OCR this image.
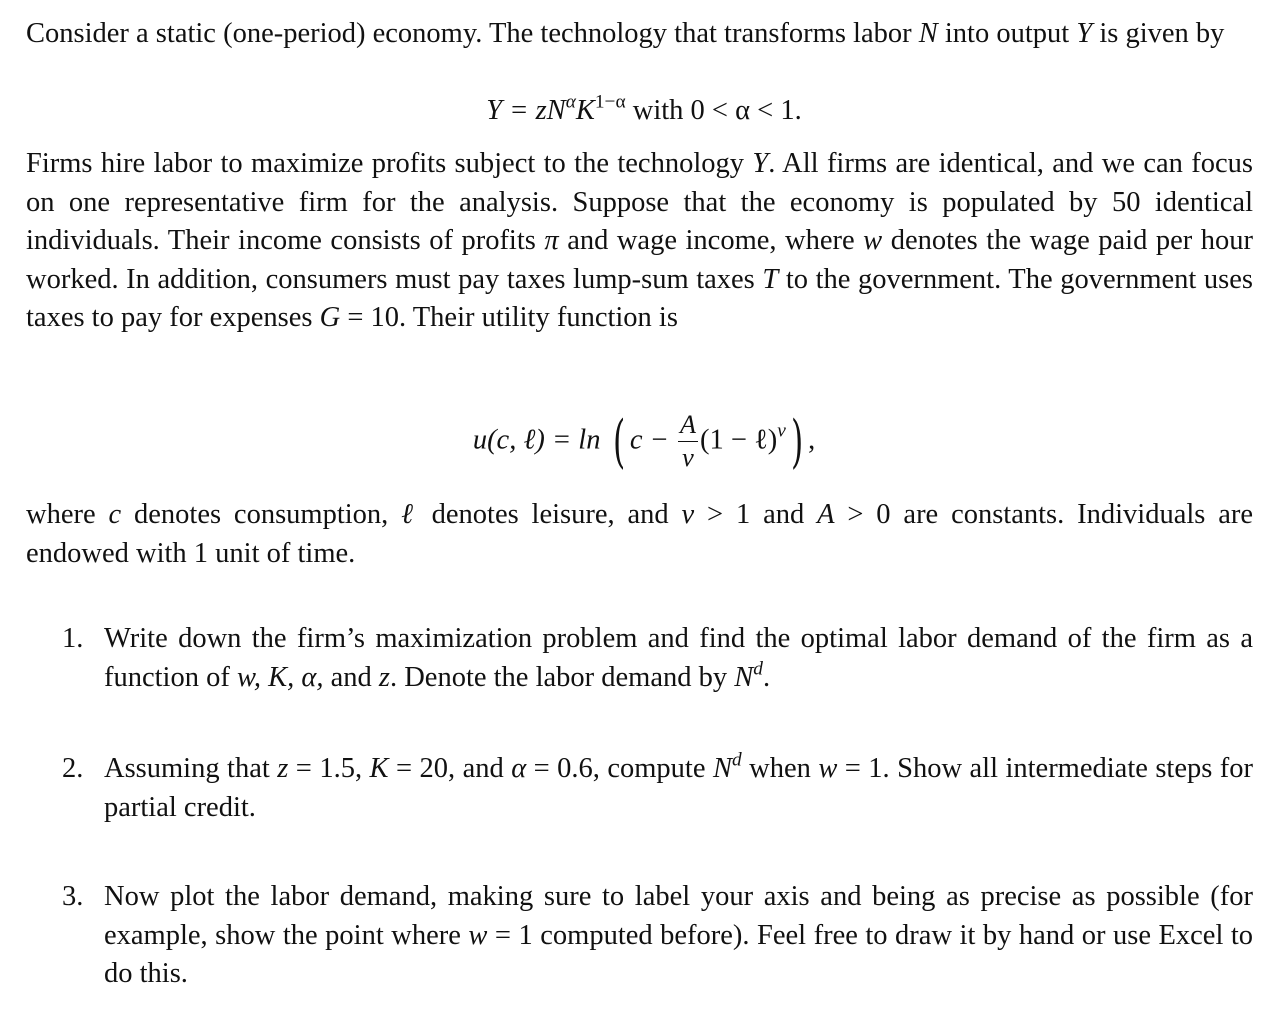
Consider a static (one-period) economy. The technology that transforms labor N into output Y is given by

$Y = zN^\alpha K^{1-\alpha}$ with 0 < α < 1.

Firms hire labor to maximize profits subject to the technology Y. All firms are identical, and we can focus on one representative firm for the analysis. Suppose that the economy is populated by 50 identical individuals. Their income consists of profits π and wage income, where w denotes the wage paid per hour worked. In addition, consumers must pay taxes lump-sum taxes T to the government. The government uses taxes to pay for expenses G = 10. Their utility function is

u(c, ℓ) = ln ( $c - \frac{A}{\nu} (1$ − ℓ)$^\nu$) ,

where c denotes consumption, ℓ denotes leisure, and ν > 1 and A > 0 are constants. Individuals are endowed with 1 unit of time.

1. Write down the firm’s maximization problem and find the optimal labor demand of the firm as a function of w, K, α, and z. Denote the labor demand by $N^d$.
2. Assuming that z = 1.5, K = 20, and α = 0.6, compute $N^d$ when w = 1. Show all intermediate steps for partial credit.
3. Now plot the labor demand, making sure to label your axis and being as precise as possible (for example, show the point where w = 1 computed before). Feel free to draw it by hand or use Excel to do this.
